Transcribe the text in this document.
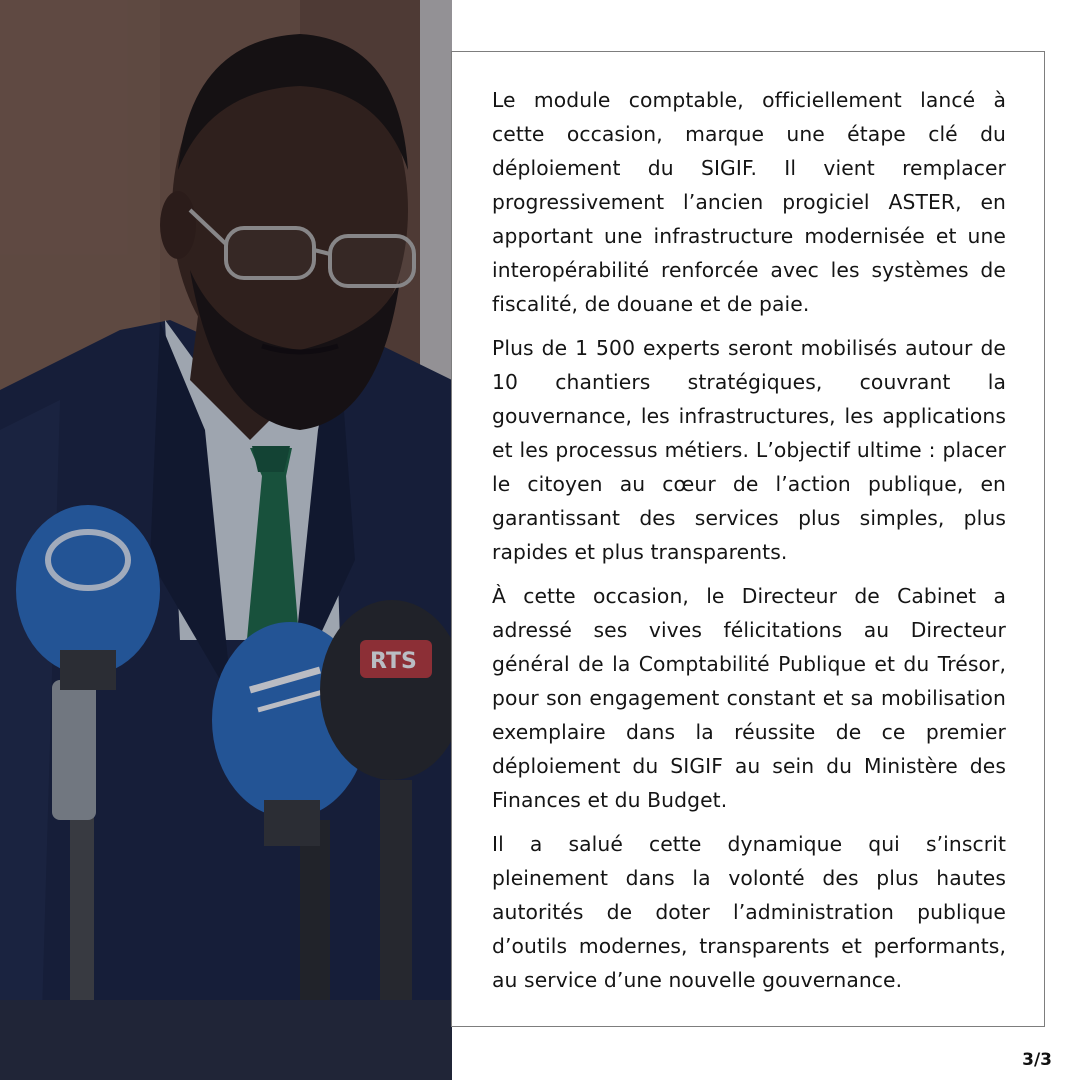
RTS

Le module comptable, officiellement lancé à cette occasion, marque une étape clé du déploiement du SIGIF. Il vient remplacer progressivement l’ancien progiciel ASTER, en apportant une infrastructure modernisée et une interopérabilité renforcée avec les systèmes de fiscalité, de douane et de paie.

Plus de 1 500 experts seront mobilisés autour de 10 chantiers stratégiques, couvrant la gouvernance, les infrastructures, les applications et les processus métiers. L’objectif ultime : placer le citoyen au cœur de l’action publique, en garantissant des services plus simples, plus rapides et plus transparents.

À cette occasion, le Directeur de Cabinet a adressé ses vives félicitations au Directeur général de la Comptabilité Publique et du Trésor, pour son engagement constant et sa mobilisation exemplaire dans la réussite de ce premier déploiement du SIGIF au sein du Ministère des Finances et du Budget.

Il a salué cette dynamique qui s’inscrit pleinement dans la volonté des plus hautes autorités de doter l’administration publique d’outils modernes, transparents et performants, au service d’une nouvelle gouvernance.

3/3
